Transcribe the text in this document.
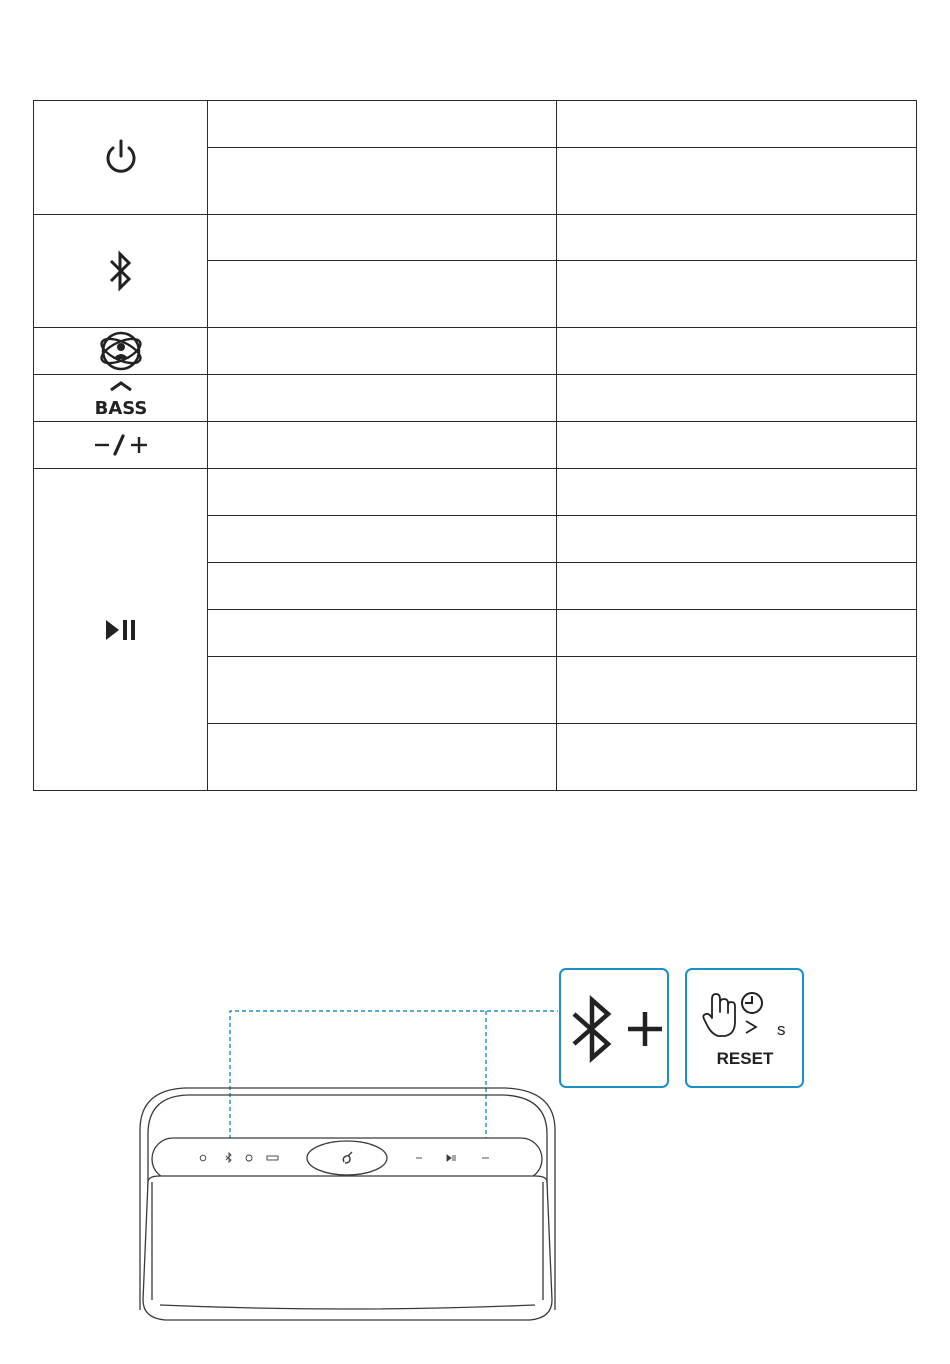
BASS		

s
RESET
